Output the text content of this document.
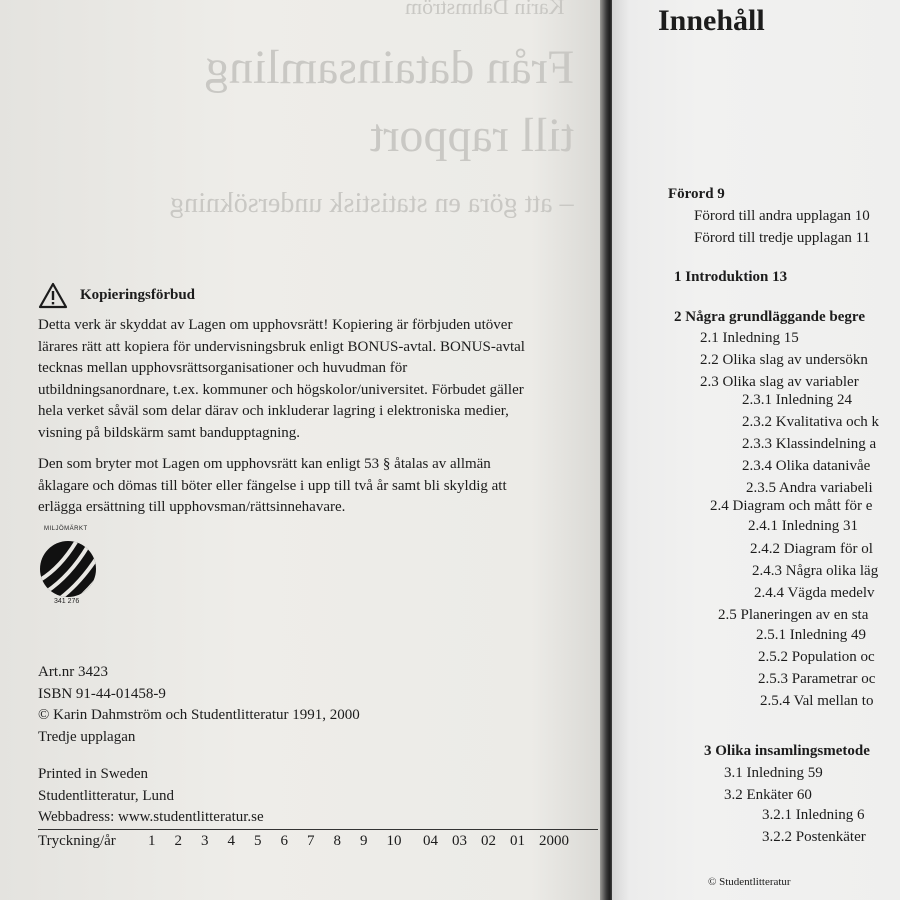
Karin Dahmström
Från datainsamling
till rapport
– att göra en statistisk undersökning
Kopieringsförbud
Detta verk är skyddat av Lagen om upphovsrätt! Kopiering är förbjuden utöver
lärares rätt att kopiera för undervisningsbruk enligt BONUS-avtal. BONUS-avtal
tecknas mellan upphovsrättsorganisationer och huvudman för
utbildningsanordnare, t.ex. kommuner och högskolor/universitet. Förbudet gäller
hela verket såväl som delar därav och inkluderar lagring i elektroniska medier,
visning på bildskärm samt bandupptagning.
Den som bryter mot Lagen om upphovsrätt kan enligt 53 § åtalas av allmän
åklagare och dömas till böter eller fängelse i upp till två år samt bli skyldig att
erlägga ersättning till upphovsman/rättsinnehavare.
MILJÖMÄRKT
341 276
Art.nr 3423
ISBN 91-44-01458-9
© Karin Dahmström och Studentlitteratur 1991, 2000
Tredje upplagan
Printed in Sweden
Studentlitteratur, Lund
Webbadress: www.studentlitteratur.se
Tryckning/år	1 2 3 4 5 6 7 8 9 10	04 03 02 01 2000
Innehåll
Förord 9
Förord till andra upplagan 10
Förord till tredje upplagan 11
1 Introduktion 13
2 Några grundläggande begre
2.1 Inledning 15
2.2 Olika slag av undersökn
2.3 Olika slag av variabler
2.3.1 Inledning 24
2.3.2 Kvalitativa och k
2.3.3 Klassindelning a
2.3.4 Olika datanivåe
2.3.5 Andra variabeli
2.4 Diagram och mått för e
2.4.1 Inledning 31
2.4.2 Diagram för ol
2.4.3 Några olika läg
2.4.4 Vägda medelv
2.5 Planeringen av en sta
2.5.1 Inledning 49
2.5.2 Population oc
2.5.3 Parametrar oc
2.5.4 Val mellan to
3 Olika insamlingsmetode
3.1 Inledning 59
3.2 Enkäter 60
3.2.1 Inledning 6
3.2.2 Postenkäter
© Studentlitteratur
